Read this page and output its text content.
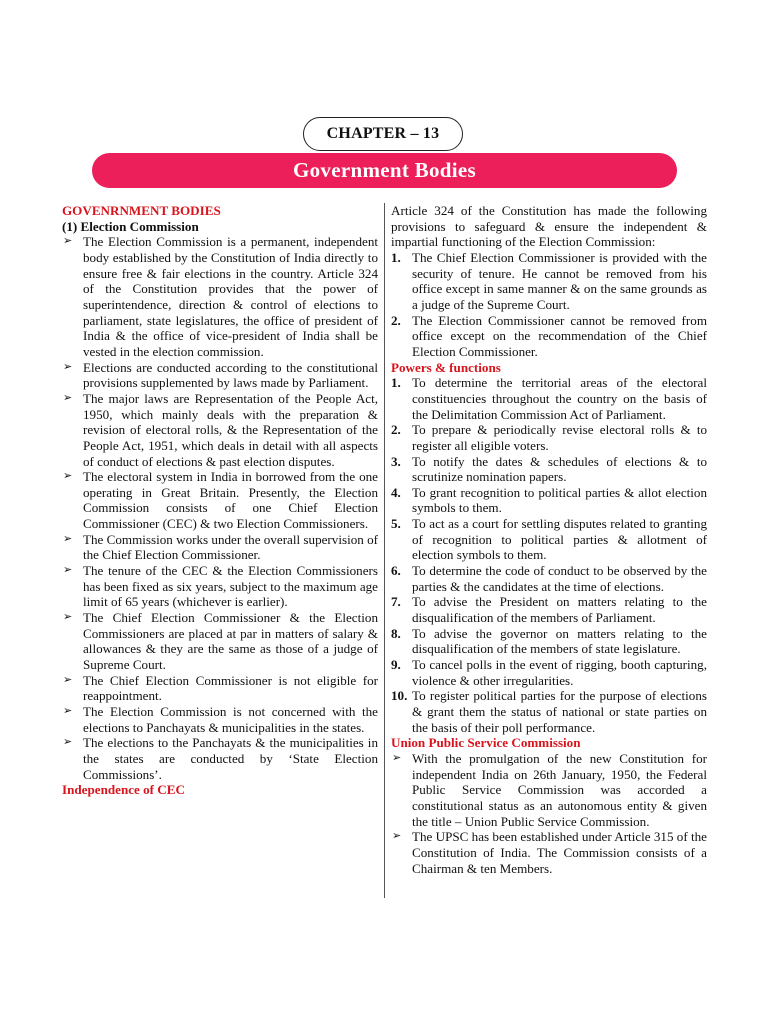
CHAPTER – 13
Government Bodies

GOVENRNMENT BODIES

(1) Election Commission

➢ The Election Commission is a permanent, independent body established by the Constitution of India directly to ensure free & fair elections in the country. Article 324 of the Constitution provides that the power of superintendence, direction & control of elections to parliament, state legislatures, the office of president of India & the office of vice-president of India shall be vested in the election commission.
➢ Elections are conducted according to the constitutional provisions supplemented by laws made by Parliament.
➢ The major laws are Representation of the People Act, 1950, which mainly deals with the preparation & revision of electoral rolls, & the Representation of the People Act, 1951, which deals in detail with all aspects of conduct of elections & past election disputes.
➢ The electoral system in India in borrowed from the one operating in Great Britain. Presently, the Election Commission consists of one Chief Election Commissioner (CEC) & two Election Commissioners.
➢ The Commission works under the overall supervision of the Chief Election Commissioner.
➢ The tenure of the CEC & the Election Commissioners has been fixed as six years, subject to the maximum age limit of 65 years (whichever is earlier).
➢ The Chief Election Commissioner & the Election Commissioners are placed at par in matters of salary & allowances & they are the same as those of a judge of Supreme Court.
➢ The Chief Election Commissioner is not eligible for reappointment.
➢ The Election Commission is not concerned with the elections to Panchayats & municipalities in the states.
➢ The elections to the Panchayats & the municipalities in the states are conducted by ‘State Election Commissions’.

Independence of CEC

Article 324 of the Constitution has made the following provisions to safeguard & ensure the independent & impartial functioning of the Election Commission:

1. The Chief Election Commissioner is provided with the security of tenure. He cannot be removed from his office except in same manner & on the same grounds as a judge of the Supreme Court.
2. The Election Commissioner cannot be removed from office except on the recommendation of the Chief Election Commissioner.

Powers & functions

1. To determine the territorial areas of the electoral constituencies throughout the country on the basis of the Delimitation Commission Act of Parliament.
2. To prepare & periodically revise electoral rolls & to register all eligible voters.
3. To notify the dates & schedules of elections & to scrutinize nomination papers.
4. To grant recognition to political parties & allot election symbols to them.
5. To act as a court for settling disputes related to granting of recognition to political parties & allotment of election symbols to them.
6. To determine the code of conduct to be observed by the parties & the candidates at the time of elections.
7. To advise the President on matters relating to the disqualification of the members of Parliament.
8. To advise the governor on matters relating to the disqualification of the members of state legislature.
9. To cancel polls in the event of rigging, booth capturing, violence & other irregularities.
10. To register political parties for the purpose of elections & grant them the status of national or state parties on the basis of their poll performance.

Union Public Service Commission

➢ With the promulgation of the new Constitution for independent India on 26th January, 1950, the Federal Public Service Commission was accorded a constitutional status as an autonomous entity & given the title – Union Public Service Commission.
➢ The UPSC has been established under Article 315 of the Constitution of India. The Commission consists of a Chairman & ten Members.
